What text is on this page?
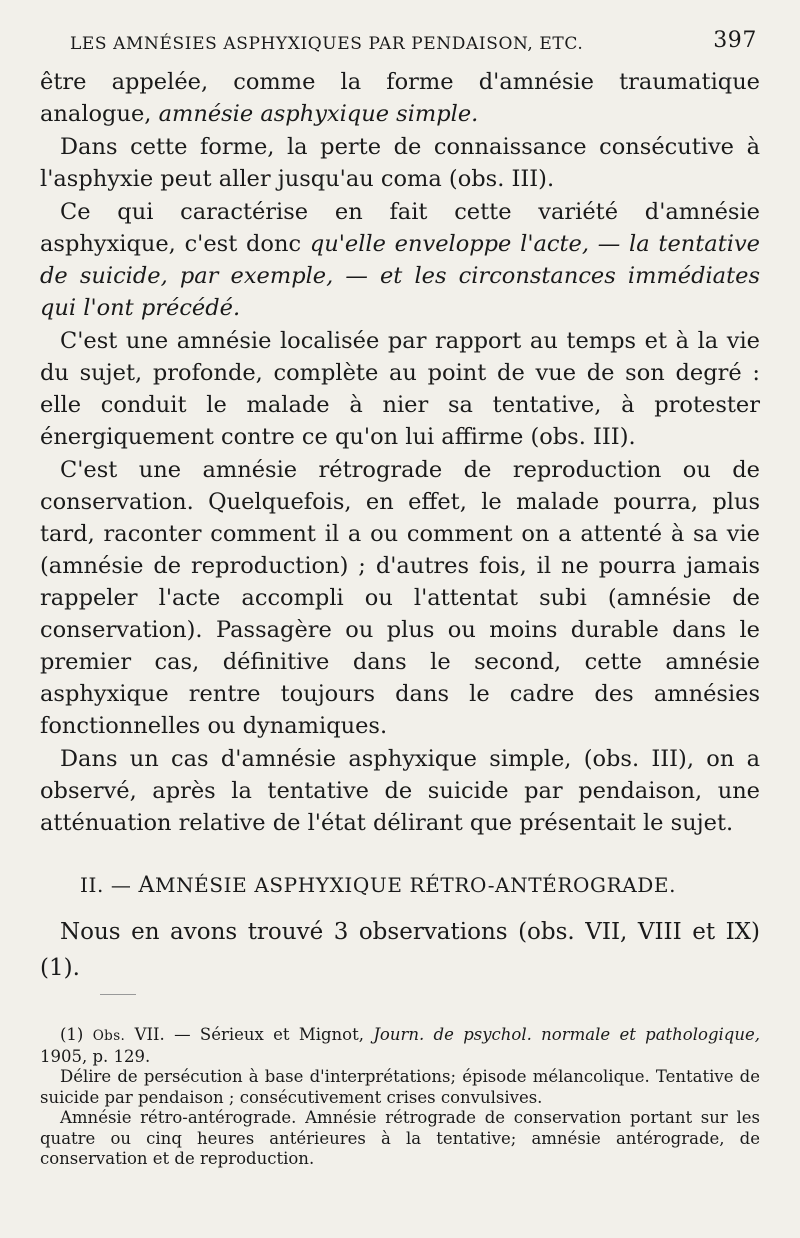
LES AMNÉSIES ASPHYXIQUES PAR PENDAISON, ETC.	397

être appelée, comme la forme d'amnésie traumatique analogue, amnésie asphyxique simple.

Dans cette forme, la perte de connaissance consécutive à l'asphyxie peut aller jusqu'au coma (obs. III).

Ce qui caractérise en fait cette variété d'amnésie asphyxique, c'est donc qu'elle enveloppe l'acte, — la tentative de suicide, par exemple, — et les circonstances immédiates qui l'ont précédé.

C'est une amnésie localisée par rapport au temps et à la vie du sujet, profonde, complète au point de vue de son degré : elle conduit le malade à nier sa tentative, à protester énergiquement contre ce qu'on lui affirme (obs. III).

C'est une amnésie rétrograde de reproduction ou de conservation. Quelquefois, en effet, le malade pourra, plus tard, raconter comment il a ou comment on a attenté à sa vie (amnésie de reproduction) ; d'autres fois, il ne pourra jamais rappeler l'acte accompli ou l'attentat subi (amnésie de conservation). Passagère ou plus ou moins durable dans le premier cas, définitive dans le second, cette amnésie asphyxique rentre toujours dans le cadre des amnésies fonctionnelles ou dynamiques.

Dans un cas d'amnésie asphyxique simple, (obs. III), on a observé, après la tentative de suicide par pendaison, une atténuation relative de l'état délirant que présentait le sujet.

II. — AMNÉSIE ASPHYXIQUE RÉTRO-ANTÉROGRADE.

Nous en avons trouvé 3 observations (obs. VII, VIII et IX) (1).

(1) Obs. VII. — Sérieux et Mignot, Journ. de psychol. normale et pathologique, 1905, p. 129.

Délire de persécution à base d'interprétations; épisode mélancolique. Tentative de suicide par pendaison ; consécutivement crises convulsives.

Amnésie rétro-antérograde. Amnésie rétrograde de conservation portant sur les quatre ou cinq heures antérieures à la tentative; amnésie antérograde, de conservation et de reproduction.
